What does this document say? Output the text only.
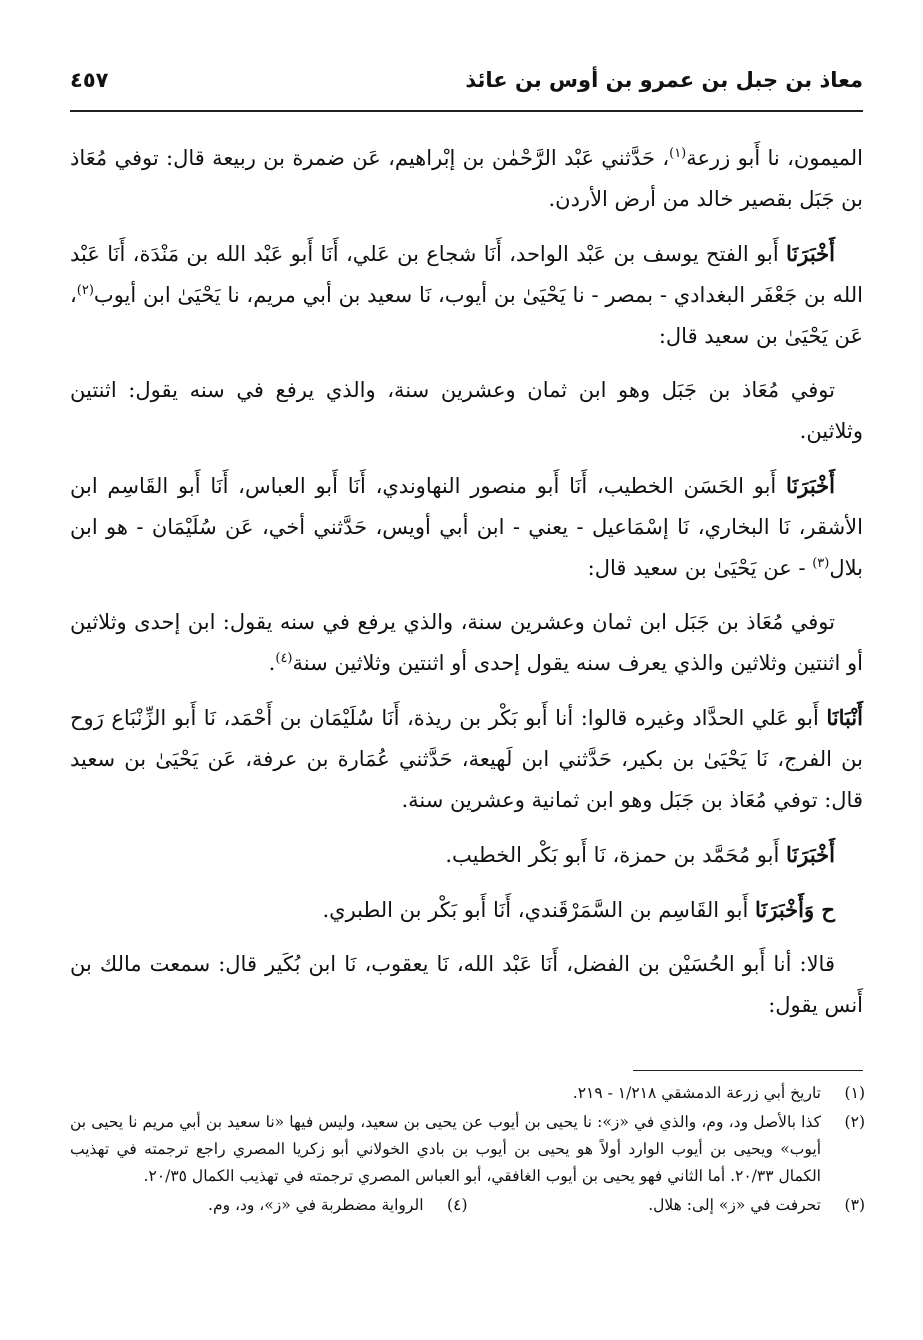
معاذ بن جبل بن عمرو بن أوس بن عائذ
٤٥٧

الميمون، نا أَبو زرعة$^{(١)}$، حَدَّثني عَبْد الرَّحْمٰن بن إبْراهيم، عَن ضمرة بن ربيعة قال: توفي مُعَاذ بن جَبَل بقصير خالد من أرض الأردن.

أَخْبَرَنَا أَبو الفتح يوسف بن عَبْد الواحد، أَنَا شجاع بن عَلي، أَنَا أَبو عَبْد الله بن مَنْدَة، أَنَا عَبْد الله بن جَعْفَر البغدادي - بمصر - نا يَحْيَىٰ بن أيوب، نَا سعيد بن أبي مريم، نا يَحْيَىٰ ابن أيوب$^{(٢)}$، عَن يَحْيَىٰ بن سعيد قال:

توفي مُعَاذ بن جَبَل وهو ابن ثمان وعشرين سنة، والذي يرفع في سنه يقول: اثنتين وثلاثين.

أَخْبَرَنَا أَبو الحَسَن الخطيب، أَنَا أَبو منصور النهاوندي، أَنَا أَبو العباس، أَنَا أَبو القَاسِم ابن الأشقر، نَا البخاري، نَا إسْمَاعيل - يعني - ابن أبي أويس، حَدَّثني أخي، عَن سُلَيْمَان - هو ابن بلال$^{(٣)}$ - عن يَحْيَىٰ بن سعيد قال:

توفي مُعَاذ بن جَبَل ابن ثمان وعشرين سنة، والذي يرفع في سنه يقول: ابن إحدى وثلاثين أو اثنتين وثلاثين والذي يعرف سنه يقول إحدى أو اثنتين وثلاثين سنة$^{(٤)}$.

أَنْبَانَا أَبو عَلي الحدَّاد وغيره قالوا: أنا أَبو بَكْر بن ريذة، أَنَا سُلَيْمَان بن أَحْمَد، نَا أَبو الزِّنْبَاع رَوح بن الفرج، نَا يَحْيَىٰ بن بكير، حَدَّثني ابن لَهيعة، حَدَّثني عُمَارة بن عرفة، عَن يَحْيَىٰ بن سعيد قال: توفي مُعَاذ بن جَبَل وهو ابن ثمانية وعشرين سنة.

أَخْبَرَنَا أَبو مُحَمَّد بن حمزة، نَا أَبو بَكْر الخطيب.

ح وَأَخْبَرَنَا أَبو القَاسِم بن السَّمَرْقَندي، أَنَا أَبو بَكْر بن الطبري.

قالا: أنا أَبو الحُسَيْن بن الفضل، أَنَا عَبْد الله، نَا يعقوب، نَا ابن بُكَير قال: سمعت مالك بن أَنس يقول:

(١)
تاريخ أبي زرعة الدمشقي ١/٢١٨ - ٢١٩.
(٢)
كذا بالأصل ود، وم، والذي في «ز»: نا يحيى بن أيوب عن يحيى بن سعيد، وليس فيها «نا سعيد بن أبي مريم نا يحيى بن أيوب» ويحيى بن أيوب الوارد أولاً هو يحيى بن أيوب بن بادي الخولاني أبو زكريا المصري راجع ترجمته في تهذيب الكمال ٢٠/٣٣. أما الثاني فهو يحيى بن أيوب الغافقي، أبو العباس المصري ترجمته في تهذيب الكمال ٢٠/٣٥.
(٣)
تحرفت في «ز» إلى: هلال.
(٤)
الرواية مضطربة في «ز»، ود، وم.
